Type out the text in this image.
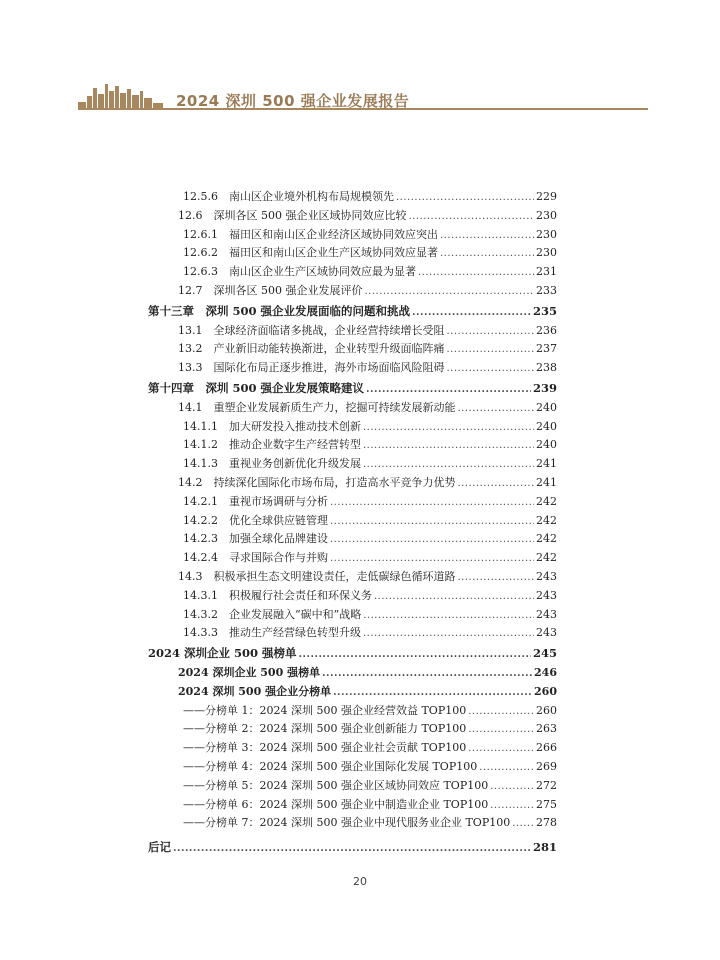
2024 深圳 500 强企业发展报告
12.5.6　南山区企业境外机构布局规模领先 .....	229
12.6　深圳各区 500 强企业区域协同效应比较 .....	230
12.6.1　福田区和南山区企业经济区域协同效应突出 .....	230
12.6.2　福田区和南山区企业生产区域协同效应显著 .....	230
12.6.3　南山区企业生产区域协同效应最为显著 .....	231
12.7　深圳各区 500 强企业发展评价 .....	233
第十三章　深圳 500 强企业发展面临的问题和挑战 .....	235
13.1　全球经济面临诸多挑战，企业经营持续增长受阻 .....	236
13.2　产业新旧动能转换渐进，企业转型升级面临阵痛 .....	237
13.3　国际化布局正逐步推进，海外市场面临风险阻碍 .....	238
第十四章　深圳 500 强企业发展策略建议 .....	239
14.1　重塑企业发展新质生产力，挖掘可持续发展新动能 .....	240
14.1.1　加大研发投入推动技术创新 .....	240
14.1.2　推动企业数字生产经营转型 .....	240
14.1.3　重视业务创新优化升级发展 .....	241
14.2　持续深化国际化市场布局，打造高水平竞争力优势 .....	241
14.2.1　重视市场调研与分析 .....	242
14.2.2　优化全球供应链管理 .....	242
14.2.3　加强全球化品牌建设 .....	242
14.2.4　寻求国际合作与并购 .....	242
14.3　积极承担生态文明建设责任，走低碳绿色循环道路 .....	243
14.3.1　积极履行社会责任和环保义务 .....	243
14.3.2　企业发展融入“碳中和”战略 .....	243
14.3.3　推动生产经营绿色转型升级 .....	243
2024 深圳企业 500 强榜单 .....	245
2024 深圳企业 500 强榜单 .....	246
2024 深圳 500 强企业分榜单 .....	260
——分榜单 1：2024 深圳 500 强企业经营效益 TOP100 .....	260
——分榜单 2：2024 深圳 500 强企业创新能力 TOP100 .....	263
——分榜单 3：2024 深圳 500 强企业社会贡献 TOP100 .....	266
——分榜单 4：2024 深圳 500 强企业国际化发展 TOP100 .....	269
——分榜单 5：2024 深圳 500 强企业区域协同效应 TOP100 .....	272
——分榜单 6：2024 深圳 500 强企业中制造业企业 TOP100 .....	275
——分榜单 7：2024 深圳 500 强企业中现代服务业企业 TOP100 ..... 278
后记 .....	281
20
